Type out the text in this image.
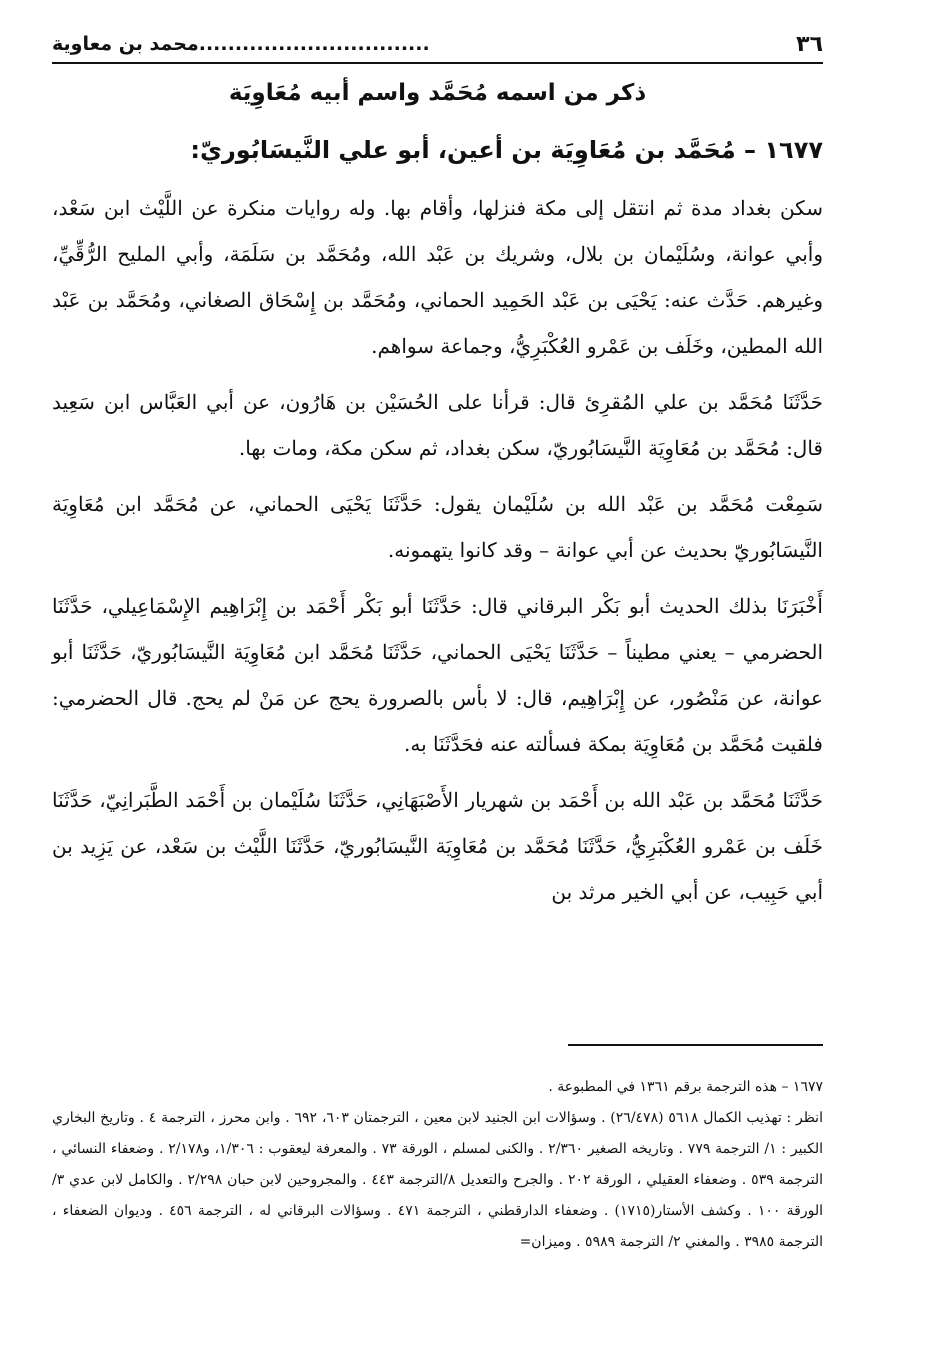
٣٦
................................محمد بن معاوية
ذكر من اسمه مُحَمَّد واسم أبيه مُعَاوِيَة
١٦٧٧ – مُحَمَّد بن مُعَاوِيَة بن أعين، أبو علي النَّيسَابُوريّ:

سكن بغداد مدة ثم انتقل إلى مكة فنزلها، وأقام بها. وله روايات منكرة عن اللَّيْث ابن سَعْد، وأبي عوانة، وسُلَيْمان بن بلال، وشريك بن عَبْد الله، ومُحَمَّد بن سَلَمَة، وأبي المليح الرُّقِّيِّ، وغيرهم. حَدَّث عنه: يَحْيَى بن عَبْد الحَمِيد الحماني، ومُحَمَّد بن إِسْحَاق الصغاني، ومُحَمَّد بن عَبْد الله المطين، وخَلَف بن عَمْرو العُكْبَرِيُّ، وجماعة سواهم.

حَدَّثَنَا مُحَمَّد بن علي المُقرِئ قال: قرأنا على الحُسَيْن بن هَارُون، عن أبي العَبَّاس ابن سَعِيد قال: مُحَمَّد بن مُعَاوِيَة النَّيسَابُوريّ، سكن بغداد، ثم سكن مكة، ومات بها.

سَمِعْت مُحَمَّد بن عَبْد الله بن سُلَيْمان يقول: حَدَّثَنَا يَحْيَى الحماني، عن مُحَمَّد ابن مُعَاوِيَة النَّيسَابُوريّ بحديث عن أبي عوانة – وقد كانوا يتهمونه.

أَخْبَرَنَا بذلك الحديث أبو بَكْر البرقاني قال: حَدَّثَنَا أبو بَكْر أَحْمَد بن إِبْرَاهِيم الإِسْمَاعِيلي، حَدَّثَنَا الحضرمي – يعني مطيناً – حَدَّثَنَا يَحْيَى الحماني، حَدَّثَنَا مُحَمَّد ابن مُعَاوِيَة النَّيسَابُوريّ، حَدَّثَنَا أبو عوانة، عن مَنْصُور، عن إِبْرَاهِيم، قال: لا بأس بالصرورة يحج عن مَنْ لم يحج. قال الحضرمي: فلقيت مُحَمَّد بن مُعَاوِيَة بمكة فسألته عنه فحَدَّثَنَا به.

حَدَّثَنَا مُحَمَّد بن عَبْد الله بن أَحْمَد بن شهريار الأَصْبَهَانِي، حَدَّثَنَا سُلَيْمان بن أَحْمَد الطَّبَرانِيّ، حَدَّثَنَا خَلَف بن عَمْرو العُكْبَرِيُّ، حَدَّثَنَا مُحَمَّد بن مُعَاوِيَة النَّيسَابُوريّ، حَدَّثَنَا اللَّيْث بن سَعْد، عن يَزِيد بن أبي حَبِيب، عن أبي الخير مرثد بن

١٦٧٧ – هذه الترجمة برقم ١٣٦١ في المطبوعة .

انظر : تهذيب الكمال ٥٦١٨ (٢٦/٤٧٨) . وسؤالات ابن الجنيد لابن معين ، الترجمتان ٦٠٣، ٦٩٢ . وابن محرز ، الترجمة ٤ . وتاريخ البخاري الكبير : ١/ الترجمة ٧٧٩ . وتاريخه الصغير ٢/٣٦٠ . والكنى لمسلم ، الورقة ٧٣ . والمعرفة ليعقوب : ١/٣٠٦، و٢/١٧٨ . وضعفاء النسائي ، الترجمة ٥٣٩ . وضعفاء العقيلي ، الورقة ٢٠٢ . والجرح والتعديل ٨/الترجمة ٤٤٣ . والمجروحين لابن حبان ٢/٢٩٨ . والكامل لابن عدي ٣/ الورقة ١٠٠ . وكشف الأستار(١٧١٥) . وضعفاء الدارقطني ، الترجمة ٤٧١ . وسؤالات البرقاني له ، الترجمة ٤٥٦ . وديوان الضعفاء ، الترجمة ٣٩٨٥ . والمغني ٢/ الترجمة ٥٩٨٩ . وميزان=
